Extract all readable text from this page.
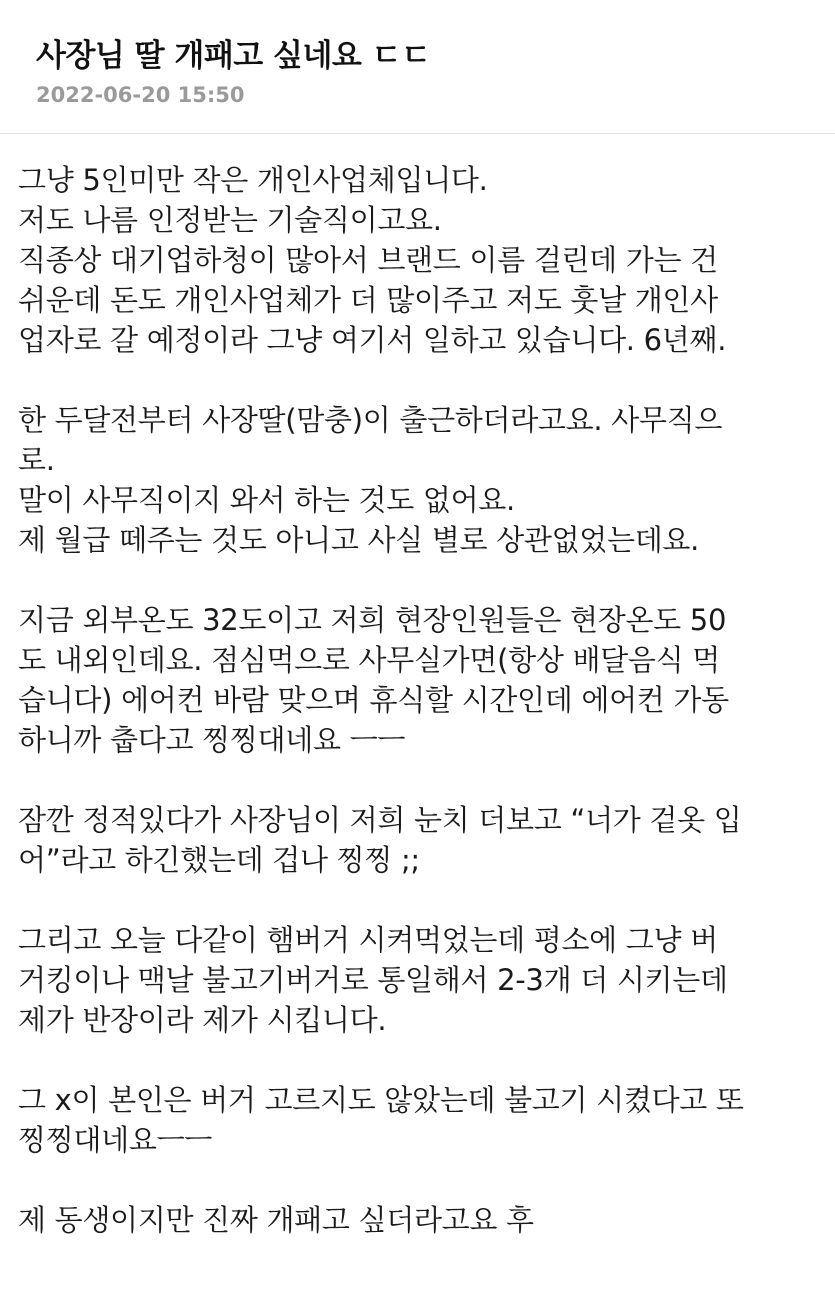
사장님 딸 개패고 싶네요 ㄷㄷ
2022-06-20 15:50
그냥 5인미만 작은 개인사업체입니다.
저도 나름 인정받는 기술직이고요.
직종상 대기업하청이 많아서 브랜드 이름 걸린데 가는 건
쉬운데 돈도 개인사업체가 더 많이주고 저도 훗날 개인사
업자로 갈 예정이라 그냥 여기서 일하고 있습니다. 6년째.
한 두달전부터 사장딸(맘충)이 출근하더라고요. 사무직으
로.
말이 사무직이지 와서 하는 것도 없어요.
제 월급 떼주는 것도 아니고 사실 별로 상관없었는데요.
지금 외부온도 32도이고 저희 현장인원들은 현장온도 50
도 내외인데요. 점심먹으로 사무실가면(항상 배달음식 먹
습니다) 에어컨 바람 맞으며 휴식할 시간인데 에어컨 가동
하니까 춥다고 찡찡대네요 ㅡㅡ
잠깐 정적있다가 사장님이 저희 눈치 더보고 “너가 겉옷 입
어”라고 하긴했는데 겁나 찡찡 ;;
그리고 오늘 다같이 햄버거 시켜먹었는데 평소에 그냥 버
거킹이나 맥날 불고기버거로 통일해서 2-3개 더 시키는데
제가 반장이라 제가 시킵니다.
그 x이 본인은 버거 고르지도 않았는데 불고기 시켰다고 또
찡찡대네요ㅡㅡ
제 동생이지만 진짜 개패고 싶더라고요 후
